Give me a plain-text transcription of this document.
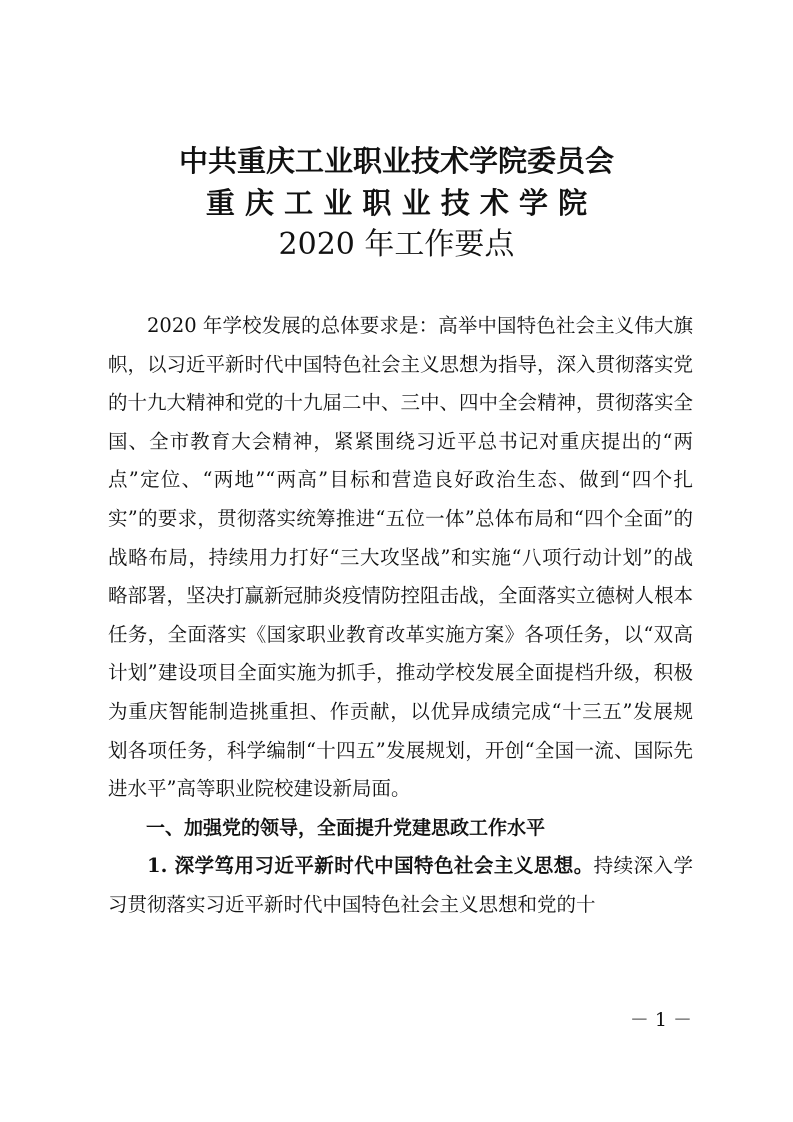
中共重庆工业职业技术学院委员会
重庆工业职业技术学院
2020 年工作要点

2020 年学校发展的总体要求是：高举中国特色社会主义伟大旗帜，以习近平新时代中国特色社会主义思想为指导，深入贯彻落实党的十九大精神和党的十九届二中、三中、四中全会精神，贯彻落实全国、全市教育大会精神，紧紧围绕习近平总书记对重庆提出的“两点”定位、“两地”“两高”目标和营造良好政治生态、做到“四个扎实”的要求，贯彻落实统筹推进“五位一体”总体布局和“四个全面”的战略布局，持续用力打好“三大攻坚战”和实施“八项行动计划”的战略部署，坚决打赢新冠肺炎疫情防控阻击战，全面落实立德树人根本任务，全面落实《国家职业教育改革实施方案》各项任务，以“双高计划”建设项目全面实施为抓手，推动学校发展全面提档升级，积极为重庆智能制造挑重担、作贡献，以优异成绩完成“十三五”发展规划各项任务，科学编制“十四五”发展规划，开创“全国一流、国际先进水平”高等职业院校建设新局面。

一、加强党的领导，全面提升党建思政工作水平

1. 深学笃用习近平新时代中国特色社会主义思想。持续深入学习贯彻落实习近平新时代中国特色社会主义思想和党的十

－ 1 －
